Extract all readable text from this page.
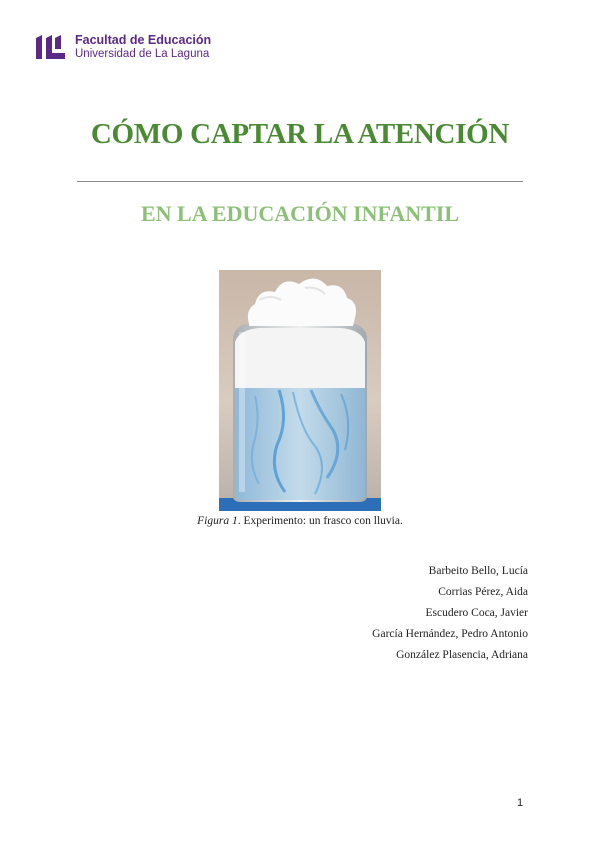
Facultad de Educación
Universidad de La Laguna
CÓMO CAPTAR LA ATENCIÓN
EN LA EDUCACIÓN INFANTIL
Figura 1. Experimento: un frasco con lluvia.
Barbeito Bello, Lucía
Corrias Pérez, Aida
Escudero Coca, Javier
García Hernández, Pedro Antonio
González Plasencia, Adriana
1
